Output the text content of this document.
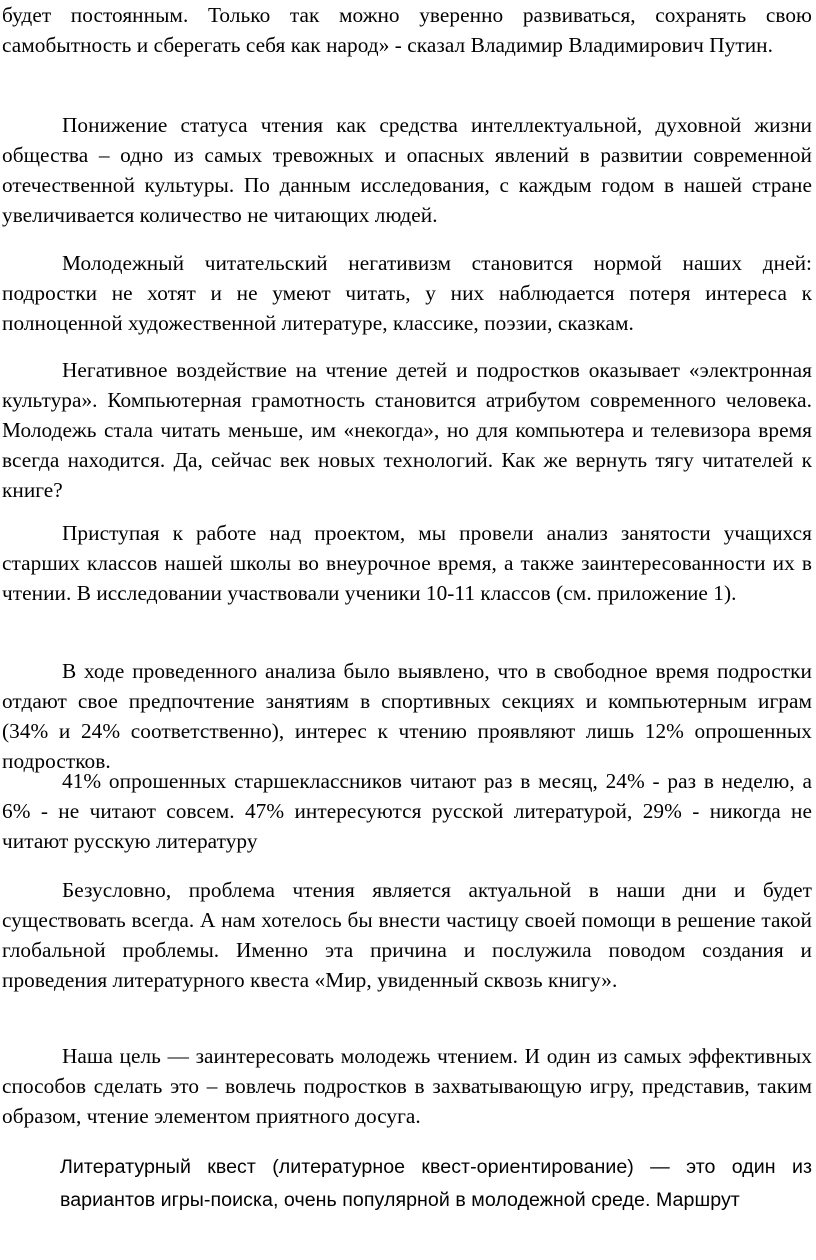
будет постоянным. Только так можно уверенно развиваться, сохранять свою самобытность и сберегать себя как народ» - сказал Владимир Владимирович Путин.

Понижение статуса чтения как средства интеллектуальной, духовной жизни общества – одно из самых тревожных и опасных явлений в развитии современной отечественной культуры. По данным исследования, с каждым годом в нашей стране увеличивается количество не читающих людей.

Молодежный читательский негативизм становится нормой наших дней: подростки не хотят и не умеют читать, у них наблюдается потеря интереса к полноценной художественной литературе, классике, поэзии, сказкам.

Негативное воздействие на чтение детей и подростков оказывает «электронная культура». Компьютерная грамотность становится атрибутом современного человека. Молодежь стала читать меньше, им «некогда», но для компьютера и телевизора время всегда находится. Да, сейчас век новых технологий. Как же вернуть тягу читателей к книге?

Приступая к работе над проектом, мы провели анализ занятости учащихся старших классов нашей школы во внеурочное время, а также заинтересованности их в чтении. В исследовании участвовали ученики 10-11 классов (см. приложение 1).

В ходе проведенного анализа было выявлено, что в свободное время подростки отдают свое предпочтение занятиям в спортивных секциях и компьютерным играм (34% и 24% соответственно), интерес к чтению проявляют лишь 12% опрошенных подростков.

41% опрошенных старшеклассников читают раз в месяц, 24% - раз в неделю, а 6% - не читают совсем. 47% интересуются русской литературой, 29% - никогда не читают русскую литературу

Безусловно, проблема чтения является актуальной в наши дни и будет существовать всегда. А нам хотелось бы внести частицу своей помощи в решение такой глобальной проблемы. Именно эта причина и послужила поводом создания и проведения литературного квеста «Мир, увиденный сквозь книгу».

Наша цель — заинтересовать молодежь чтением. И один из самых эффективных способов сделать это – вовлечь подростков в захватывающую игру, представив, таким образом, чтение элементом приятного досуга.

Литературный квест (литературное квест-ориентирование) — это один из вариантов игры-поиска, очень популярной в молодежной среде. Маршрут
